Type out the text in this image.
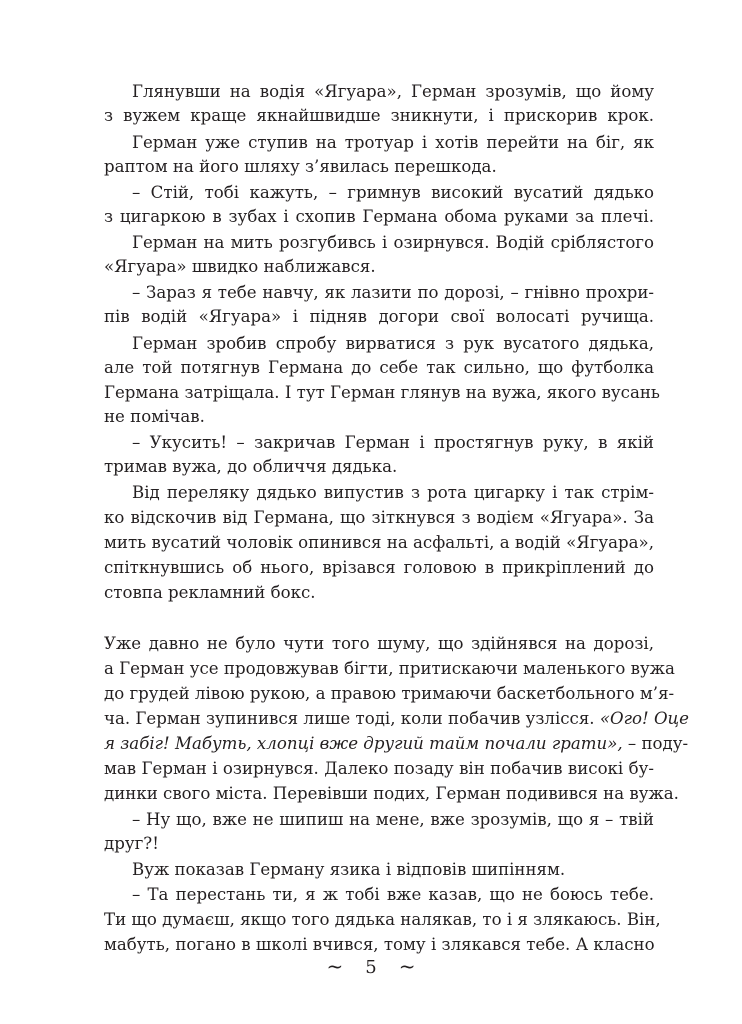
Глянувши на водія «Ягуара», Герман зрозумів, що йому
з вужем краще якнайшвидше зникнути, і прискорив крок.
Герман уже ступив на тротуар і хотів перейти на біг, як
раптом на його шляху з’явилась перешкода.
– Стій, тобі кажуть, – гримнув високий вусатий дядько
з цигаркою в зубах і схопив Германа обома руками за плечі.
Герман на мить розгубивсь і озирнувся. Водій сріблястого
«Ягуара» швидко наближався.
– Зараз я тебе навчу, як лазити по дорозі, – гнівно прохри-
пів водій «Ягуара» і підняв догори свої волосаті ручища.
Герман зробив спробу вирватися з рук вусатого дядька,
але той потягнув Германа до себе так сильно, що футболка
Германа затріщала. І тут Герман глянув на вужа, якого вусань
не помічав.
– Укусить! – закричав Герман і простягнув руку, в якій
тримав вужа, до обличчя дядька.
Від переляку дядько випустив з рота цигарку і так стрім-
ко відскочив від Германа, що зіткнувся з водієм «Ягуара». За
мить вусатий чоловік опинився на асфальті, а водій «Ягуара»,
спіткнувшись об нього, врізався головою в прикріплений до
стовпа рекламний бокс.
Уже давно не було чути того шуму, що здійнявся на дорозі,
а Герман усе продовжував бігти, притискаючи маленького вужа
до грудей лівою рукою, а правою тримаючи баскетбольного м’я-
ча. Герман зупинився лише тоді, коли побачив узлісся. «Ого! Оце
я забіг! Мабуть, хлопці вже другий тайм почали грати», – поду-
мав Герман і озирнувся. Далеко позаду він побачив високі бу-
динки свого міста. Перевівши подих, Герман подивився на вужа.
– Ну що, вже не шипиш на мене, вже зрозумів, що я – твій
друг?!
Вуж показав Герману язика і відповів шипінням.
– Та перестань ти, я ж тобі вже казав, що не боюсь тебе.
Ти що думаєш, якщо того дядька налякав, то і я злякаюсь. Він,
мабуть, погано в школі вчився, тому і злякався тебе. А класно
~ 5 ~
